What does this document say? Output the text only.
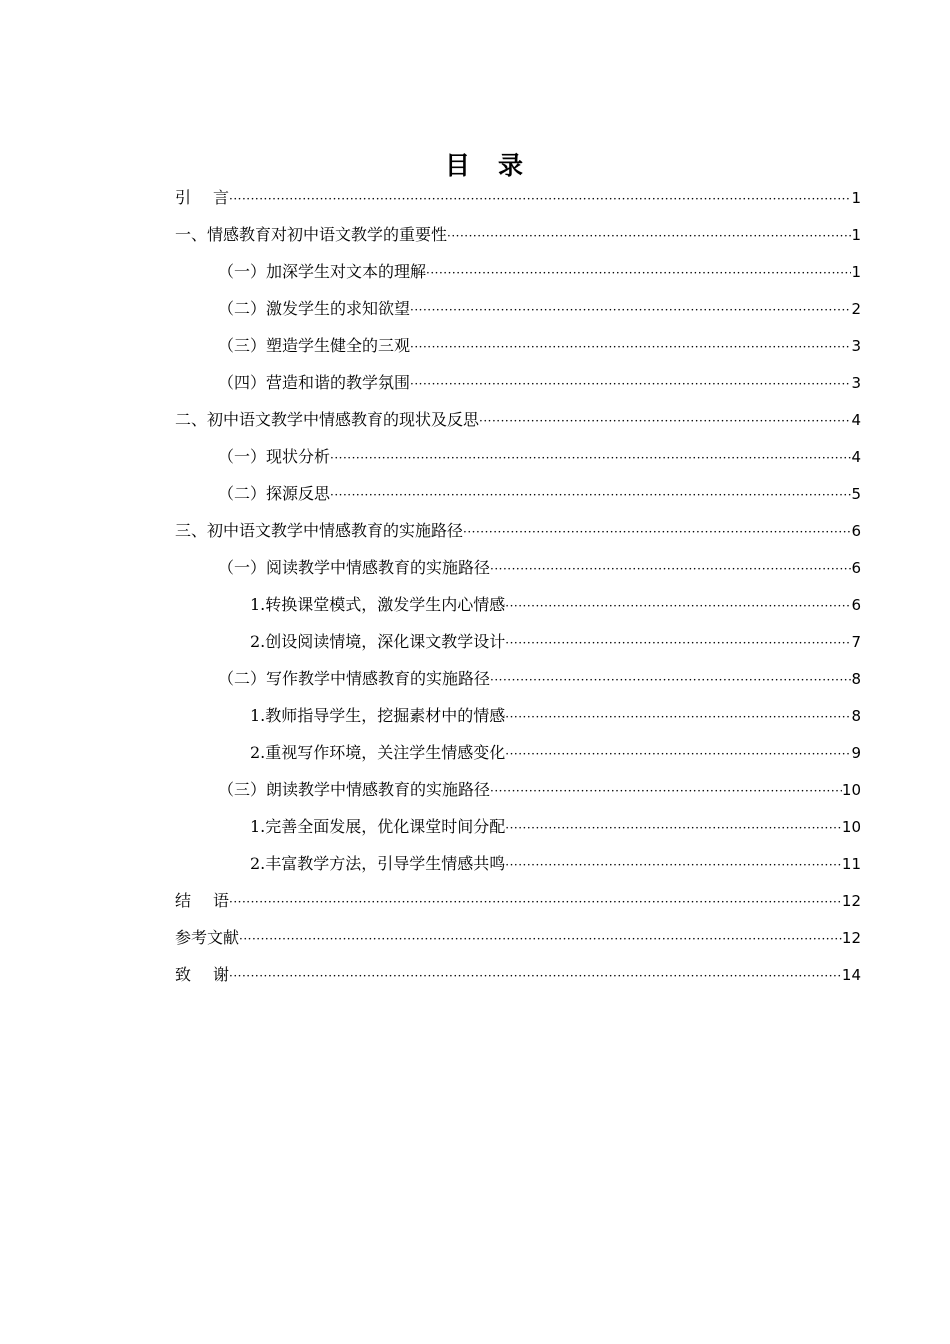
目录
引言 ·····	1
一、情感教育对初中语文教学的重要性 ·····	1
（一）加深学生对文本的理解 ·····	1
（二）激发学生的求知欲望 ·····	2
（三）塑造学生健全的三观 ·····	3
（四）营造和谐的教学氛围 ·····	3
二、初中语文教学中情感教育的现状及反思 ·····	4
（一）现状分析 ·····	4
（二）探源反思 ·····	5
三、初中语文教学中情感教育的实施路径 ·····	6
（一）阅读教学中情感教育的实施路径 ·····	6
1.转换课堂模式，激发学生内心情感 ·····	6
2.创设阅读情境，深化课文教学设计 ·····	7
（二）写作教学中情感教育的实施路径 ·····	8
1.教师指导学生，挖掘素材中的情感 ·····	8
2.重视写作环境，关注学生情感变化 ·····	9
（三）朗读教学中情感教育的实施路径 ·····	10
1.完善全面发展，优化课堂时间分配 ·····	10
2.丰富教学方法，引导学生情感共鸣 ·····	11
结语 ·····	12
参考文献 ·····	12
致谢 ·····	14
